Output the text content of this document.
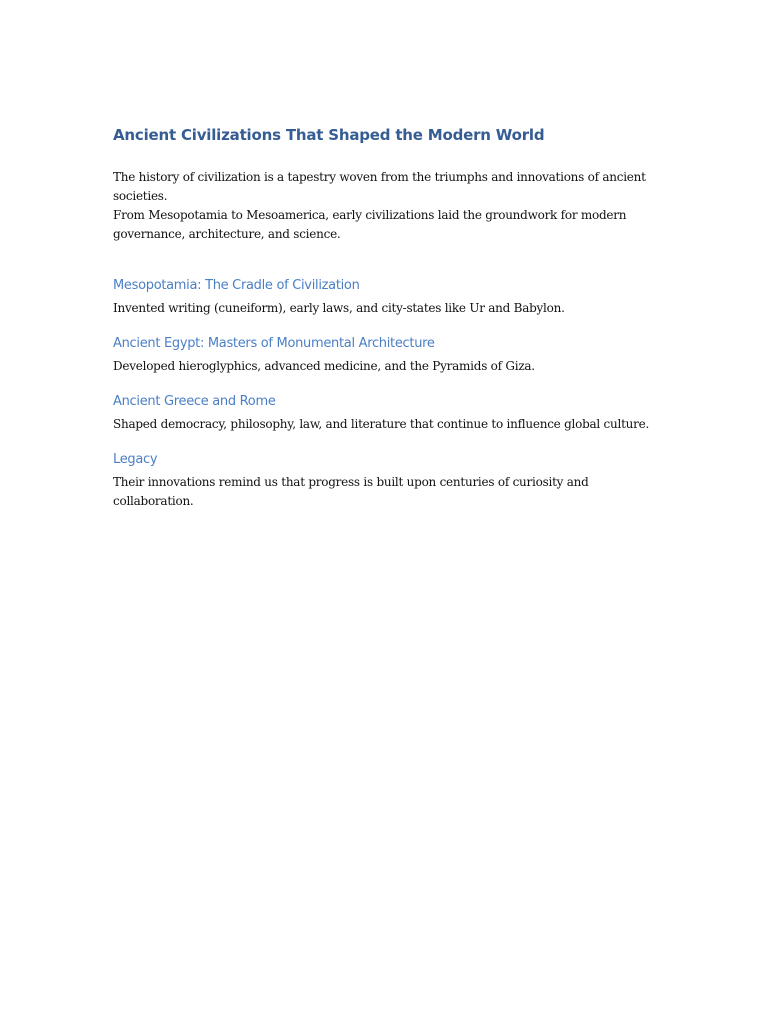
Ancient Civilizations That Shaped the Modern World

The history of civilization is a tapestry woven from the triumphs and innovations of ancient societies.

From Mesopotamia to Mesoamerica, early civilizations laid the groundwork for modern governance, architecture, and science.

Mesopotamia: The Cradle of Civilization

Invented writing (cuneiform), early laws, and city-states like Ur and Babylon.

Ancient Egypt: Masters of Monumental Architecture

Developed hieroglyphics, advanced medicine, and the Pyramids of Giza.

Ancient Greece and Rome

Shaped democracy, philosophy, law, and literature that continue to influence global culture.

Legacy

Their innovations remind us that progress is built upon centuries of curiosity and collaboration.
